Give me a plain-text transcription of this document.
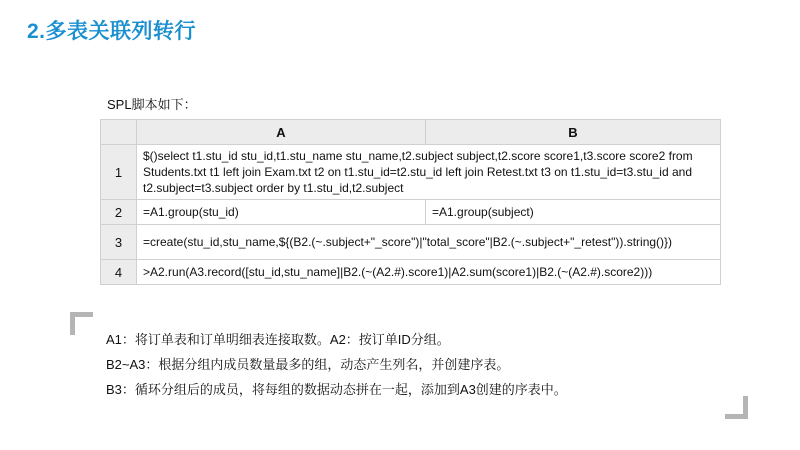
2.多表关联列转行
SPL脚本如下：
	A	B
1	$()select t1.stu_id stu_id,t1.stu_name stu_name,t2.subject subject,t2.score score1,t3.score score2 from Students.txt t1 left join Exam.txt t2 on t1.stu_id=t2.stu_id left join Retest.txt t3 on t1.stu_id=t3.stu_id and t2.subject=t3.subject order by t1.stu_id,t2.subject	
2	=A1.group(stu_id)	=A1.group(subject)
3	=create(stu_id,stu_name,${(B2.(~.subject+"_score")|"total_score"|B2.(~.subject+"_retest")).string()})	
4	>A2.run(A3.record([stu_id,stu_name]|B2.(~(A2.#).score1)|A2.sum(score1)|B2.(~(A2.#).score2)))	
A1：将订单表和订单明细表连接取数。A2：按订单ID分组。
B2~A3：根据分组内成员数量最多的组，动态产生列名，并创建序表。
B3：循环分组后的成员，将每组的数据动态拼在一起，添加到A3创建的序表中。
